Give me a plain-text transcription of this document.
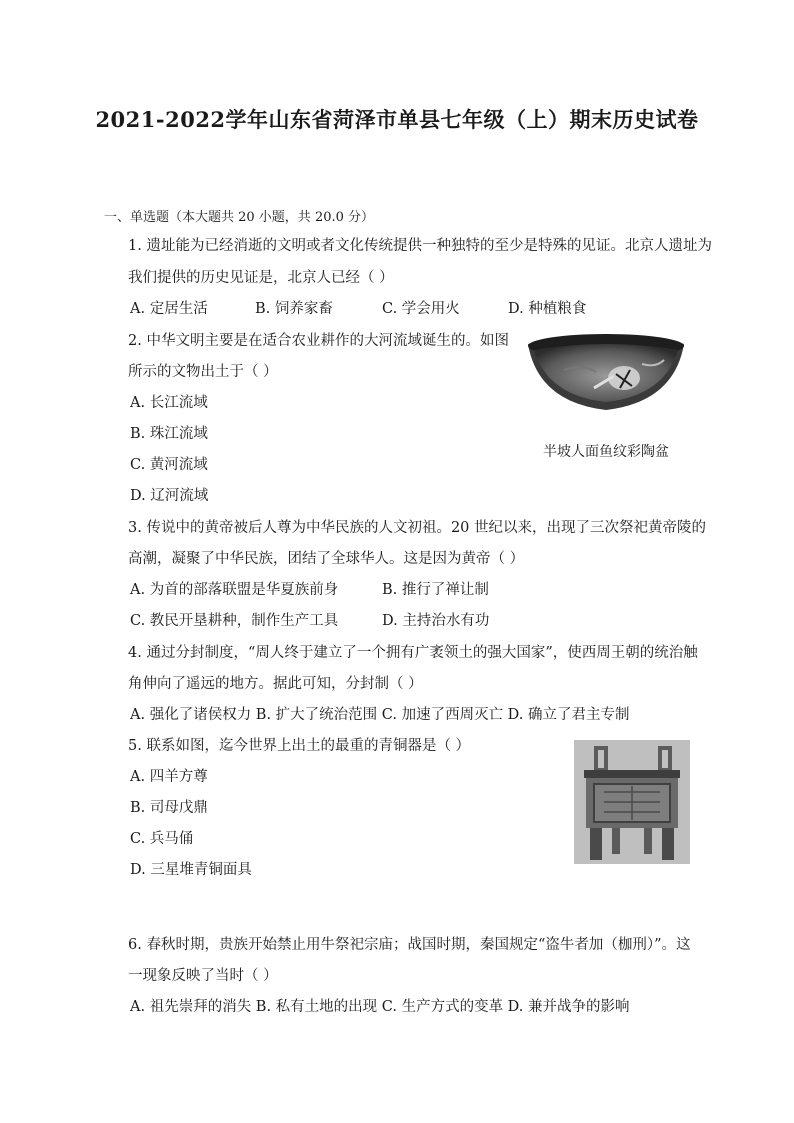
2021-2022学年山东省菏泽市单县七年级（上）期末历史试卷
一、单选题（本大题共 20 小题，共 20.0 分）
1. 遗址能为已经消逝的文明或者文化传统提供一种独特的至少是特殊的见证。北京人遗址为
我们提供的历史见证是，北京人已经（ ）
A. 定居生活	B. 饲养家畜	C. 学会用火	D. 种植粮食
2. 中华文明主要是在适合农业耕作的大河流域诞生的。如图
所示的文物出土于（ ）
A. 长江流域
B. 珠江流域
C. 黄河流域
D. 辽河流域
半坡人面鱼纹彩陶盆
3. 传说中的黄帝被后人尊为中华民族的人文初祖。20 世纪以来，出现了三次祭祀黄帝陵的
高潮，凝聚了中华民族，团结了全球华人。这是因为黄帝（ ）
A. 为首的部落联盟是华夏族前身	B. 推行了禅让制
C. 教民开垦耕种，制作生产工具	D. 主持治水有功
4. 通过分封制度，“周人终于建立了一个拥有广袤领土的强大国家”，使西周王朝的统治触
角伸向了遥远的地方。据此可知，分封制（ ）
A. 强化了诸侯权力 B. 扩大了统治范围 C. 加速了西周灭亡 D. 确立了君主专制
5. 联系如图，迄今世界上出土的最重的青铜器是（ ）
A. 四羊方尊
B. 司母戊鼎
C. 兵马俑
D. 三星堆青铜面具
6. 春秋时期，贵族开始禁止用牛祭祀宗庙；战国时期，秦国规定“盗牛者加（枷刑）”。这
一现象反映了当时（ ）
A. 祖先崇拜的消失 B. 私有土地的出现 C. 生产方式的变革 D. 兼并战争的影响
